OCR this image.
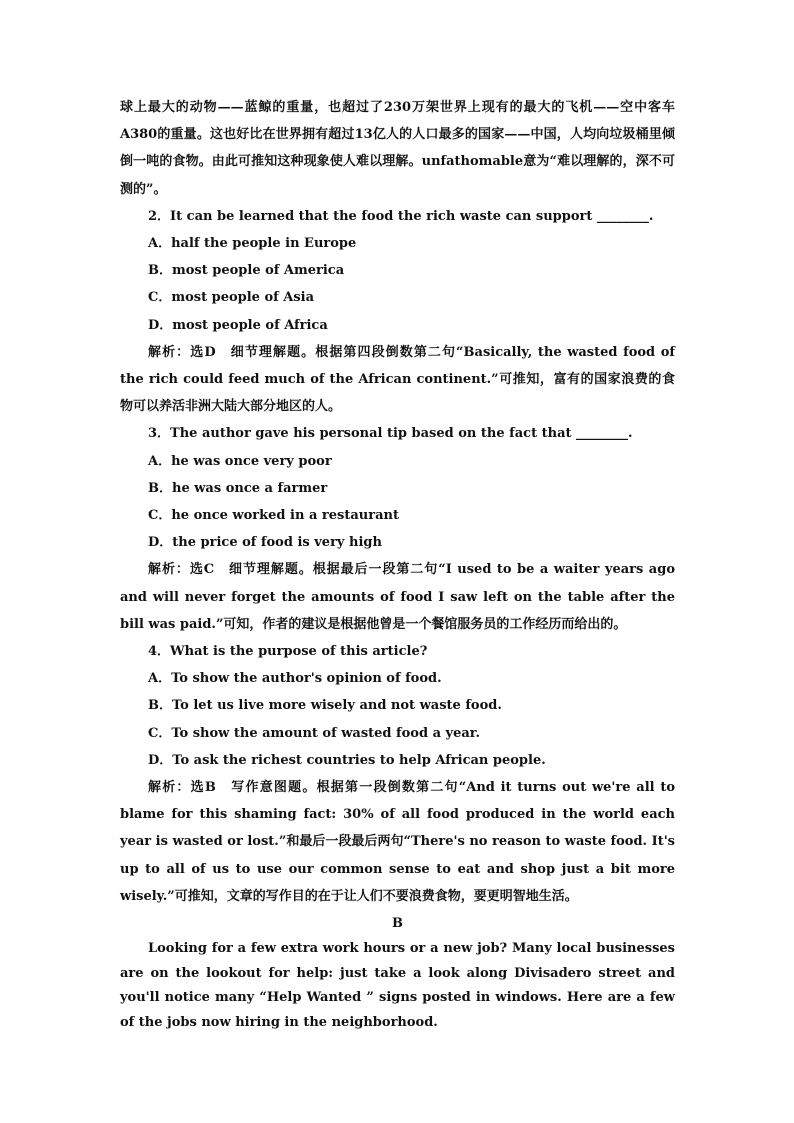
球上最大的动物——蓝鲸的重量，也超过了230万架世界上现有的最大的飞机——空中客车A380的重量。这也好比在世界拥有超过13亿人的人口最多的国家——中国，人均向垃圾桶里倾倒一吨的食物。由此可推知这种现象使人难以理解。unfathomable意为“难以理解的，深不可测的”。

2．It can be learned that the food the rich waste can support ________.

A．half the people in Europe

B．most people of America

C．most people of Asia

D．most people of Africa

解析：选D　细节理解题。根据第四段倒数第二句“Basically, the wasted food of the rich could feed much of the African continent.”可推知，富有的国家浪费的食物可以养活非洲大陆大部分地区的人。

3．The author gave his personal tip based on the fact that ________.

A．he was once very poor

B．he was once a farmer

C．he once worked in a restaurant

D．the price of food is very high

解析：选C　细节理解题。根据最后一段第二句“I used to be a waiter years ago and will never forget the amounts of food I saw left on the table after the bill was paid.”可知，作者的建议是根据他曾是一个餐馆服务员的工作经历而给出的。

4．What is the purpose of this article?

A．To show the author's opinion of food.

B．To let us live more wisely and not waste food.

C．To show the amount of wasted food a year.

D．To ask the richest countries to help African people.

解析：选B　写作意图题。根据第一段倒数第二句“And it turns out we're all to blame for this shaming fact: 30% of all food produced in the world each year is wasted or lost.”和最后一段最后两句“There's no reason to waste food. It's up to all of us to use our common sense to eat and shop just a bit more wisely.”可推知，文章的写作目的在于让人们不要浪费食物，要更明智地生活。

B

Looking for a few extra work hours or a new job? Many local businesses are on the lookout for help: just take a look along Divisadero street and you'll notice many “Help Wanted ” signs posted in windows. Here are a few of the jobs now hiring in the neighborhood.
